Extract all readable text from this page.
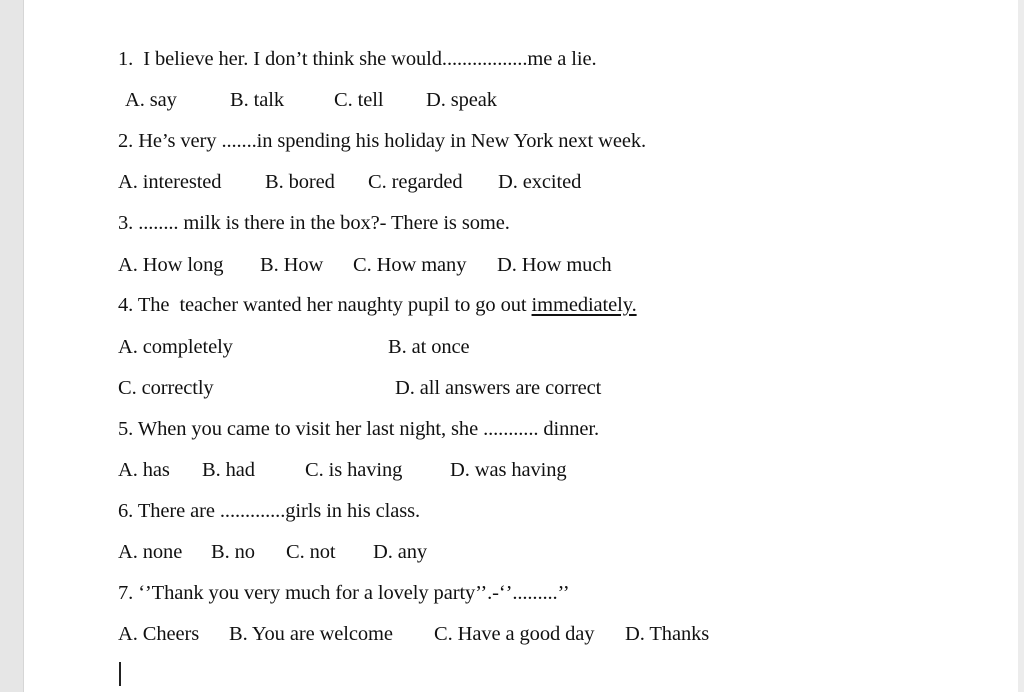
1.  I believe her. I don’t think she would.................me a lie.
A. say	B. talk C. tell D. speak
2. He’s very .......in spending his holiday in New York next week.
A. interested B. bored C. regarded D. excited
3. ........ milk is there in the box?- There is some.
A. How long B. How C. How many D. How much
4. The  teacher wanted her naughty pupil to go out immediately.
A. completely	B. at once
C. correctly	D. all answers are correct
5. When you came to visit her last night, she ........... dinner.
A. has B. had C. is having D. was having
6. There are .............girls in his class.
A. none B. no C. not D. any
7. ‘’Thank you very much for a lovely party’’.-‘’.........’’
A. Cheers B. You are welcome C. Have a good day D. Thanks
